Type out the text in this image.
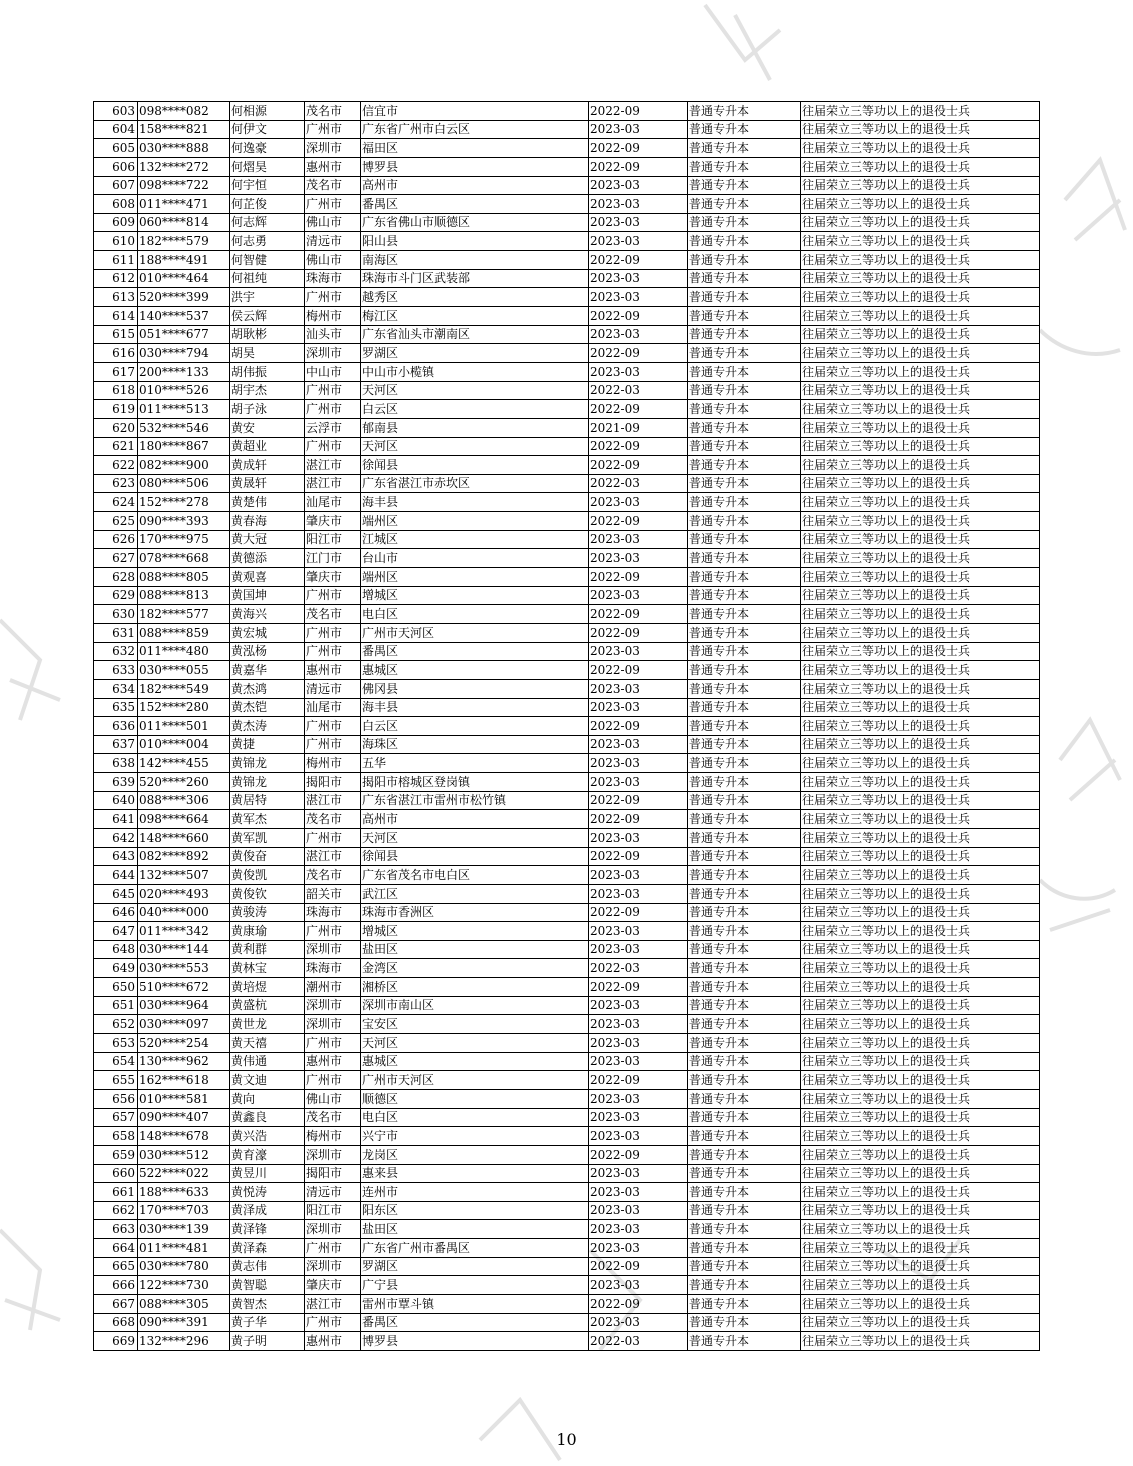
603	098****082	何相源	茂名市	信宜市	2022-09	普通专升本	往届荣立三等功以上的退役士兵
604	158****821	何伊文	广州市	广东省广州市白云区	2023-03	普通专升本	往届荣立三等功以上的退役士兵
605	030****888	何逸豪	深圳市	福田区	2022-09	普通专升本	往届荣立三等功以上的退役士兵
606	132****272	何熠昊	惠州市	博罗县	2022-09	普通专升本	往届荣立三等功以上的退役士兵
607	098****722	何宇恒	茂名市	高州市	2023-03	普通专升本	往届荣立三等功以上的退役士兵
608	011****471	何芷俊	广州市	番禺区	2023-03	普通专升本	往届荣立三等功以上的退役士兵
609	060****814	何志辉	佛山市	广东省佛山市顺德区	2023-03	普通专升本	往届荣立三等功以上的退役士兵
610	182****579	何志勇	清远市	阳山县	2023-03	普通专升本	往届荣立三等功以上的退役士兵
611	188****491	何智健	佛山市	南海区	2022-09	普通专升本	往届荣立三等功以上的退役士兵
612	010****464	何祖纯	珠海市	珠海市斗门区武装部	2023-03	普通专升本	往届荣立三等功以上的退役士兵
613	520****399	洪宇	广州市	越秀区	2023-03	普通专升本	往届荣立三等功以上的退役士兵
614	140****537	侯云辉	梅州市	梅江区	2022-09	普通专升本	往届荣立三等功以上的退役士兵
615	051****677	胡耿彬	汕头市	广东省汕头市潮南区	2023-03	普通专升本	往届荣立三等功以上的退役士兵
616	030****794	胡昊	深圳市	罗湖区	2022-09	普通专升本	往届荣立三等功以上的退役士兵
617	200****133	胡伟振	中山市	中山市小榄镇	2023-03	普通专升本	往届荣立三等功以上的退役士兵
618	010****526	胡宇杰	广州市	天河区	2022-03	普通专升本	往届荣立三等功以上的退役士兵
619	011****513	胡子泳	广州市	白云区	2022-09	普通专升本	往届荣立三等功以上的退役士兵
620	532****546	黄安	云浮市	郁南县	2021-09	普通专升本	往届荣立三等功以上的退役士兵
621	180****867	黄超业	广州市	天河区	2022-09	普通专升本	往届荣立三等功以上的退役士兵
622	082****900	黄成轩	湛江市	徐闻县	2022-09	普通专升本	往届荣立三等功以上的退役士兵
623	080****506	黄晟轩	湛江市	广东省湛江市赤坎区	2022-03	普通专升本	往届荣立三等功以上的退役士兵
624	152****278	黄楚伟	汕尾市	海丰县	2023-03	普通专升本	往届荣立三等功以上的退役士兵
625	090****393	黄春海	肇庆市	端州区	2022-09	普通专升本	往届荣立三等功以上的退役士兵
626	170****975	黄大冠	阳江市	江城区	2023-03	普通专升本	往届荣立三等功以上的退役士兵
627	078****668	黄德添	江门市	台山市	2023-03	普通专升本	往届荣立三等功以上的退役士兵
628	088****805	黄观喜	肇庆市	端州区	2022-09	普通专升本	往届荣立三等功以上的退役士兵
629	088****813	黄国坤	广州市	增城区	2023-03	普通专升本	往届荣立三等功以上的退役士兵
630	182****577	黄海兴	茂名市	电白区	2022-09	普通专升本	往届荣立三等功以上的退役士兵
631	088****859	黄宏城	广州市	广州市天河区	2022-09	普通专升本	往届荣立三等功以上的退役士兵
632	011****480	黄泓杨	广州市	番禺区	2023-03	普通专升本	往届荣立三等功以上的退役士兵
633	030****055	黄嘉华	惠州市	惠城区	2022-09	普通专升本	往届荣立三等功以上的退役士兵
634	182****549	黄杰鸿	清远市	佛冈县	2023-03	普通专升本	往届荣立三等功以上的退役士兵
635	152****280	黄杰铠	汕尾市	海丰县	2023-03	普通专升本	往届荣立三等功以上的退役士兵
636	011****501	黄杰涛	广州市	白云区	2022-09	普通专升本	往届荣立三等功以上的退役士兵
637	010****004	黄捷	广州市	海珠区	2023-03	普通专升本	往届荣立三等功以上的退役士兵
638	142****455	黄锦龙	梅州市	五华	2023-03	普通专升本	往届荣立三等功以上的退役士兵
639	520****260	黄锦龙	揭阳市	揭阳市榕城区登岗镇	2023-03	普通专升本	往届荣立三等功以上的退役士兵
640	088****306	黄居特	湛江市	广东省湛江市雷州市松竹镇	2022-09	普通专升本	往届荣立三等功以上的退役士兵
641	098****664	黄军杰	茂名市	高州市	2022-09	普通专升本	往届荣立三等功以上的退役士兵
642	148****660	黄军凯	广州市	天河区	2023-03	普通专升本	往届荣立三等功以上的退役士兵
643	082****892	黄俊奋	湛江市	徐闻县	2022-09	普通专升本	往届荣立三等功以上的退役士兵
644	132****507	黄俊凯	茂名市	广东省茂名市电白区	2023-03	普通专升本	往届荣立三等功以上的退役士兵
645	020****493	黄俊钦	韶关市	武江区	2023-03	普通专升本	往届荣立三等功以上的退役士兵
646	040****000	黄骏涛	珠海市	珠海市香洲区	2022-09	普通专升本	往届荣立三等功以上的退役士兵
647	011****342	黄康瑜	广州市	增城区	2023-03	普通专升本	往届荣立三等功以上的退役士兵
648	030****144	黄利群	深圳市	盐田区	2023-03	普通专升本	往届荣立三等功以上的退役士兵
649	030****553	黄林宝	珠海市	金湾区	2022-03	普通专升本	往届荣立三等功以上的退役士兵
650	510****672	黄培煜	潮州市	湘桥区	2022-09	普通专升本	往届荣立三等功以上的退役士兵
651	030****964	黄盛杭	深圳市	深圳市南山区	2023-03	普通专升本	往届荣立三等功以上的退役士兵
652	030****097	黄世龙	深圳市	宝安区	2023-03	普通专升本	往届荣立三等功以上的退役士兵
653	520****254	黄天禧	广州市	天河区	2023-03	普通专升本	往届荣立三等功以上的退役士兵
654	130****962	黄伟通	惠州市	惠城区	2023-03	普通专升本	往届荣立三等功以上的退役士兵
655	162****618	黄文迪	广州市	广州市天河区	2022-09	普通专升本	往届荣立三等功以上的退役士兵
656	010****581	黄向	佛山市	顺德区	2023-03	普通专升本	往届荣立三等功以上的退役士兵
657	090****407	黄鑫良	茂名市	电白区	2023-03	普通专升本	往届荣立三等功以上的退役士兵
658	148****678	黄兴浩	梅州市	兴宁市	2023-03	普通专升本	往届荣立三等功以上的退役士兵
659	030****512	黄育濠	深圳市	龙岗区	2022-09	普通专升本	往届荣立三等功以上的退役士兵
660	522****022	黄昱川	揭阳市	惠来县	2023-03	普通专升本	往届荣立三等功以上的退役士兵
661	188****633	黄悦涛	清远市	连州市	2023-03	普通专升本	往届荣立三等功以上的退役士兵
662	170****703	黄泽成	阳江市	阳东区	2023-03	普通专升本	往届荣立三等功以上的退役士兵
663	030****139	黄泽锋	深圳市	盐田区	2023-03	普通专升本	往届荣立三等功以上的退役士兵
664	011****481	黄泽森	广州市	广东省广州市番禺区	2023-03	普通专升本	往届荣立三等功以上的退役士兵
665	030****780	黄志伟	深圳市	罗湖区	2022-09	普通专升本	往届荣立三等功以上的退役士兵
666	122****730	黄智聪	肇庆市	广宁县	2023-03	普通专升本	往届荣立三等功以上的退役士兵
667	088****305	黄智杰	湛江市	雷州市覃斗镇	2022-09	普通专升本	往届荣立三等功以上的退役士兵
668	090****391	黄子华	广州市	番禺区	2023-03	普通专升本	往届荣立三等功以上的退役士兵
669	132****296	黄子明	惠州市	博罗县	2022-03	普通专升本	往届荣立三等功以上的退役士兵
10
